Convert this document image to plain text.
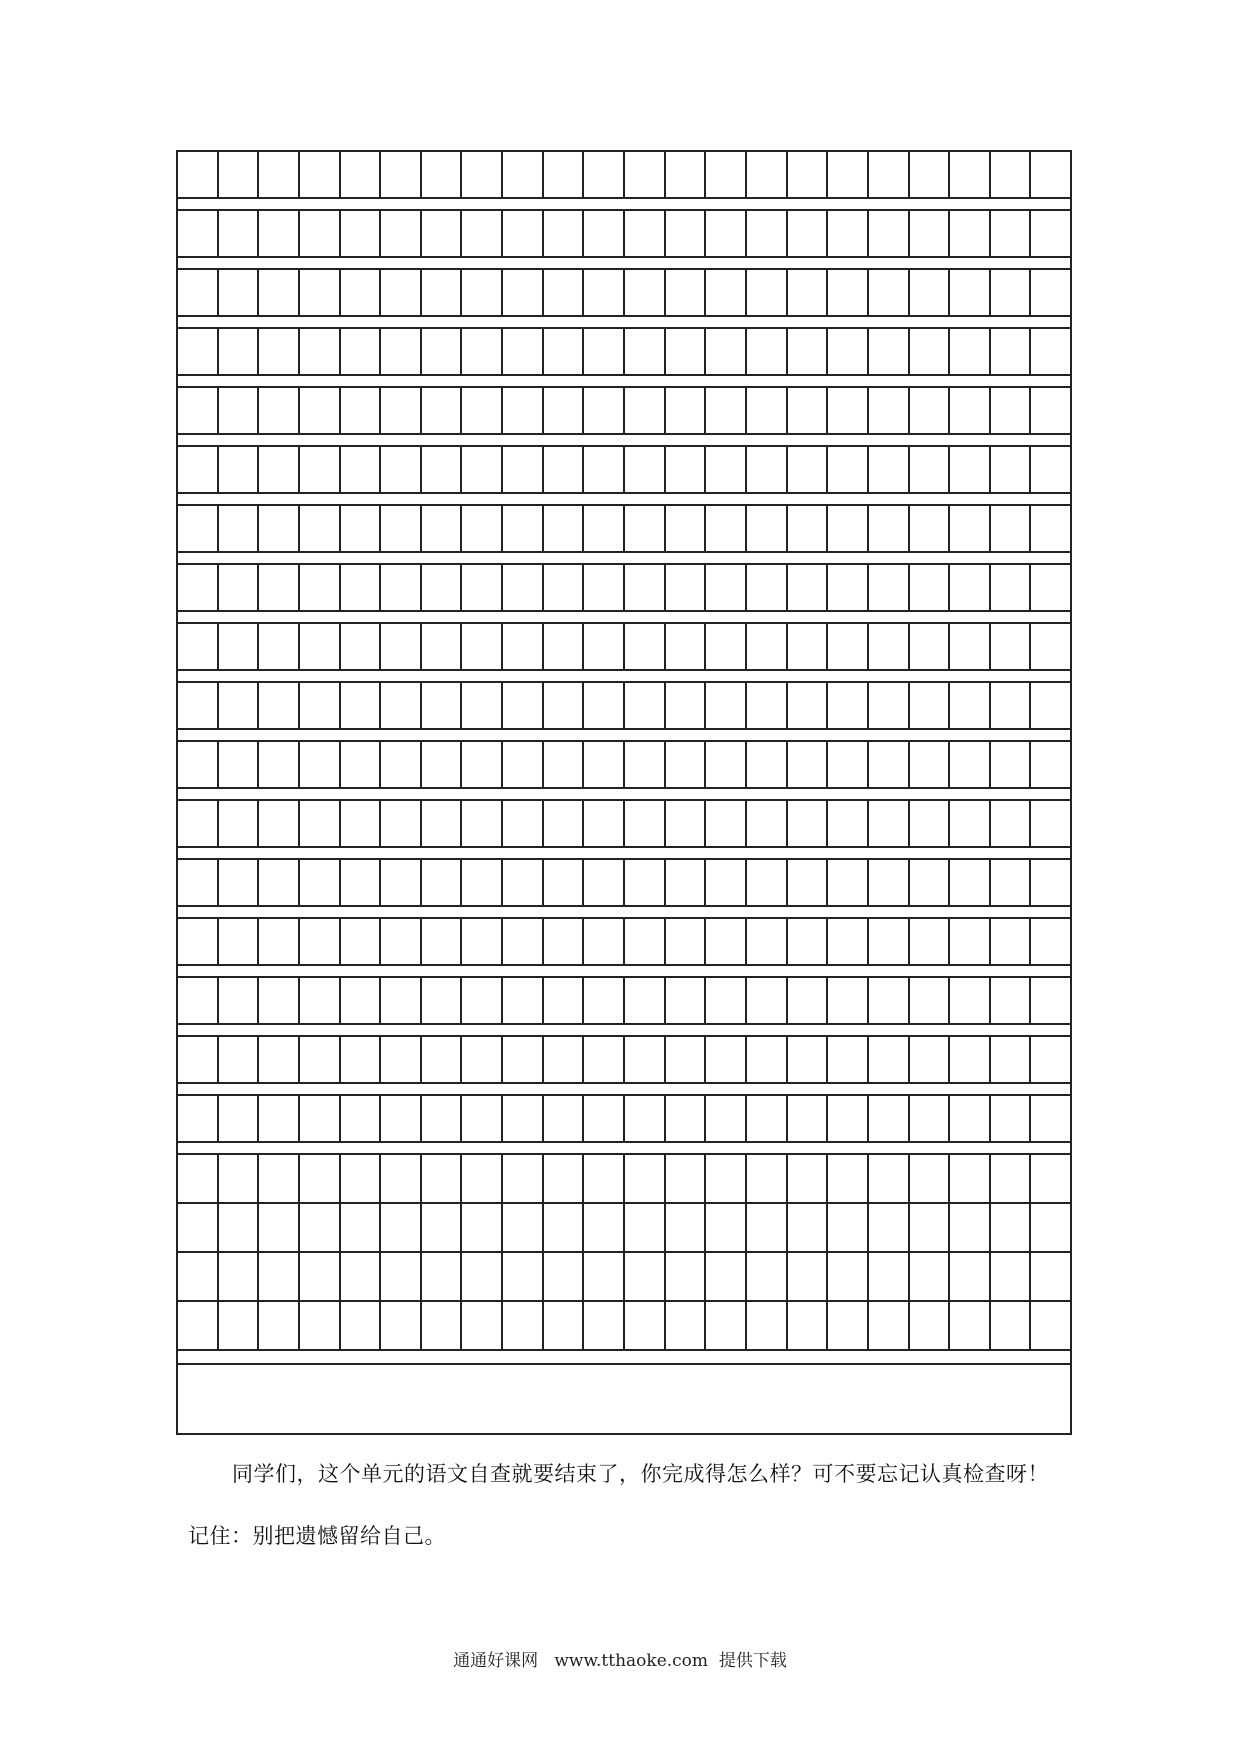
同学们，这个单元的语文自查就要结束了，你完成得怎么样？可不要忘记认真检查呀！
记住：别把遗憾留给自己。
通通好课网   www.tthaoke.com  提供下载
